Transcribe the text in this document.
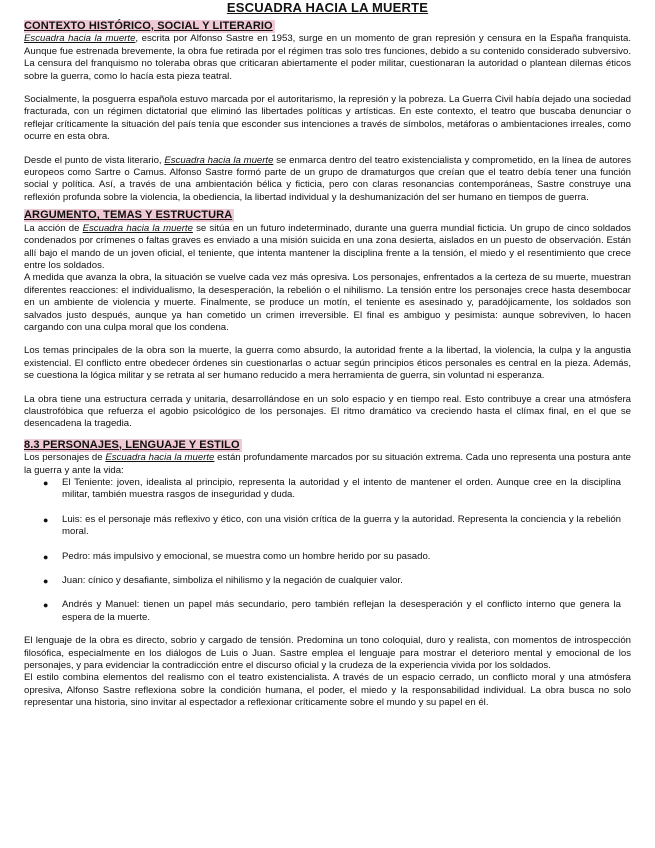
ESCUADRA HACIA LA MUERTE
CONTEXTO HISTÓRICO, SOCIAL Y LITERARIO

Escuadra hacia la muerte, escrita por Alfonso Sastre en 1953, surge en un momento de gran represión y censura en la España franquista. Aunque fue estrenada brevemente, la obra fue retirada por el régimen tras solo tres funciones, debido a su contenido considerado subversivo. La censura del franquismo no toleraba obras que criticaran abiertamente el poder militar, cuestionaran la autoridad o plantean dilemas éticos sobre la guerra, como lo hacía esta pieza teatral.

Socialmente, la posguerra española estuvo marcada por el autoritarismo, la represión y la pobreza. La Guerra Civil había dejado una sociedad fracturada, con un régimen dictatorial que eliminó las libertades políticas y artísticas. En este contexto, el teatro que buscaba denunciar o reflejar críticamente la situación del país tenía que esconder sus intenciones a través de símbolos, metáforas o ambientaciones irreales, como ocurre en esta obra.

Desde el punto de vista literario, Escuadra hacia la muerte se enmarca dentro del teatro existencialista y comprometido, en la línea de autores europeos como Sartre o Camus. Alfonso Sastre formó parte de un grupo de dramaturgos que creían que el teatro debía tener una función social y política. Así, a través de una ambientación bélica y ficticia, pero con claras resonancias contemporáneas, Sastre construye una reflexión profunda sobre la violencia, la obediencia, la libertad individual y la deshumanización del ser humano en tiempos de guerra.

ARGUMENTO, TEMAS Y ESTRUCTURA

La acción de Escuadra hacia la muerte se sitúa en un futuro indeterminado, durante una guerra mundial ficticia. Un grupo de cinco soldados condenados por crímenes o faltas graves es enviado a una misión suicida en una zona desierta, aislados en un puesto de observación. Están allí bajo el mando de un joven oficial, el teniente, que intenta mantener la disciplina frente a la tensión, el miedo y el resentimiento que crece entre los soldados.

A medida que avanza la obra, la situación se vuelve cada vez más opresiva. Los personajes, enfrentados a la certeza de su muerte, muestran diferentes reacciones: el individualismo, la desesperación, la rebelión o el nihilismo. La tensión entre los personajes crece hasta desembocar en un ambiente de violencia y muerte. Finalmente, se produce un motín, el teniente es asesinado y, paradójicamente, los soldados son salvados justo después, aunque ya han cometido un crimen irreversible. El final es ambiguo y pesimista: aunque sobreviven, lo hacen cargando con una culpa moral que los condena.

Los temas principales de la obra son la muerte, la guerra como absurdo, la autoridad frente a la libertad, la violencia, la culpa y la angustia existencial. El conflicto entre obedecer órdenes sin cuestionarlas o actuar según principios éticos personales es central en la pieza. Además, se cuestiona la lógica militar y se retrata al ser humano reducido a mera herramienta de guerra, sin voluntad ni esperanza.

La obra tiene una estructura cerrada y unitaria, desarrollándose en un solo espacio y en tiempo real. Esto contribuye a crear una atmósfera claustrofóbica que refuerza el agobio psicológico de los personajes. El ritmo dramático va creciendo hasta el clímax final, en el que se desencadena la tragedia.

8.3 PERSONAJES, LENGUAJE Y ESTILO

Los personajes de Escuadra hacia la muerte están profundamente marcados por su situación extrema. Cada uno representa una postura ante la guerra y ante la vida:

● El Teniente: joven, idealista al principio, representa la autoridad y el intento de mantener el orden. Aunque cree en la disciplina militar, también muestra rasgos de inseguridad y duda.
● Luis: es el personaje más reflexivo y ético, con una visión crítica de la guerra y la autoridad. Representa la conciencia y la rebelión moral.
● Pedro: más impulsivo y emocional, se muestra como un hombre herido por su pasado.
● Juan: cínico y desafiante, simboliza el nihilismo y la negación de cualquier valor.
● Andrés y Manuel: tienen un papel más secundario, pero también reflejan la desesperación y el conflicto interno que genera la espera de la muerte.

El lenguaje de la obra es directo, sobrio y cargado de tensión. Predomina un tono coloquial, duro y realista, con momentos de introspección filosófica, especialmente en los diálogos de Luis o Juan. Sastre emplea el lenguaje para mostrar el deterioro mental y emocional de los personajes, y para evidenciar la contradicción entre el discurso oficial y la crudeza de la experiencia vivida por los soldados.

El estilo combina elementos del realismo con el teatro existencialista. A través de un espacio cerrado, un conflicto moral y una atmósfera opresiva, Alfonso Sastre reflexiona sobre la condición humana, el poder, el miedo y la responsabilidad individual. La obra busca no solo representar una historia, sino invitar al espectador a reflexionar críticamente sobre el mundo y su papel en él.
